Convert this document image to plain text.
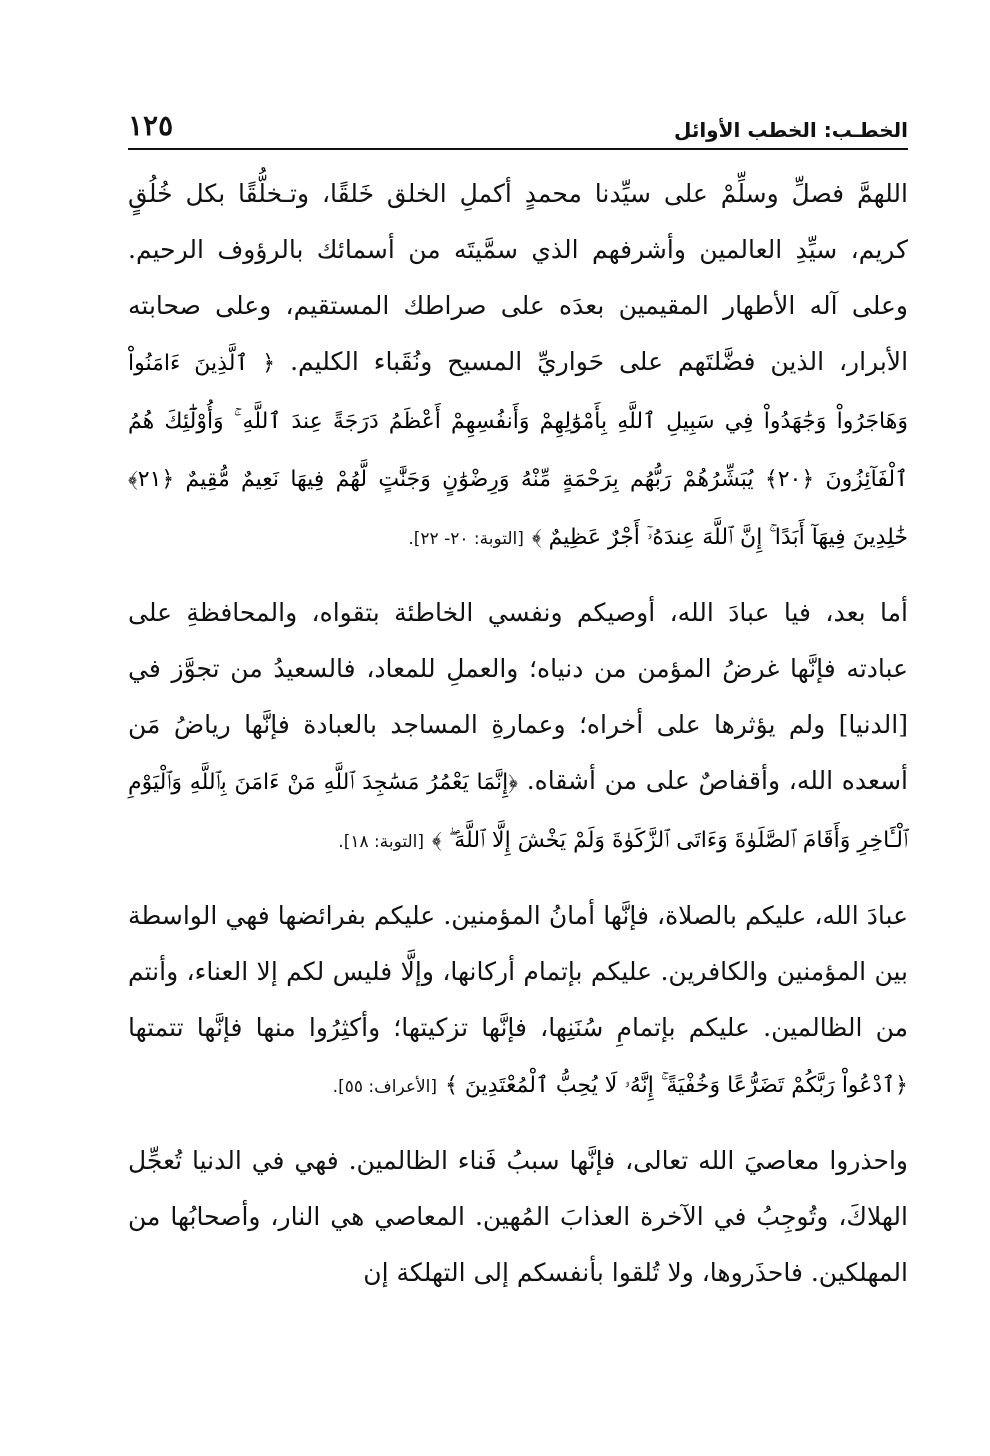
الخطـب: الخطب الأوائل
١٢٥

اللهمَّ فصلِّ وسلِّمْ على سيِّدنا محمدٍ أكملِ الخلق خَلقًا، وتـخلُّقًا بكل خُلُقٍ كريم، سيِّدِ العالمين وأشرفهم الذي سمَّيتَه من أسمائك بالرؤوف الرحيم. وعلى آله الأطهار المقيمين بعدَه على صراطك المستقيم، وعلى صحابته الأبرار، الذين فضَّلتَهم على حَواريِّ المسيح ونُقَباء الكليم. ﴿ ٱلَّذِينَ ءَامَنُواْ وَهَاجَرُواْ وَجَٰهَدُواْ فِي سَبِيلِ ٱللَّهِ بِأَمْوَٰلِهِمْ وَأَنفُسِهِمْ أَعْظَمُ دَرَجَةً عِندَ ٱللَّهِ ۚ وَأُوْلَٰٓئِكَ هُمُ ٱلْفَآئِزُونَ ﴿٢٠﴾ يُبَشِّرُهُمْ رَبُّهُم بِرَحْمَةٍ مِّنْهُ وَرِضْوَٰنٍ وَجَنَّٰتٍ لَّهُمْ فِيهَا نَعِيمٌ مُّقِيمٌ ﴿٢١﴾ خَٰلِدِينَ فِيهَآ أَبَدًا ۚ إِنَّ ٱللَّهَ عِندَهُۥٓ أَجْرٌ عَظِيمٌ ﴾ [التوبة: ٢٠- ٢٢].

أما بعد، فيا عبادَ الله، أوصيكم ونفسي الخاطئة بتقواه، والمحافظةِ على عبادته فإنَّها غرضُ المؤمن من دنياه؛ والعملِ للمعاد، فالسعيدُ من تجوَّز في [الدنيا] ولم يؤثرها على أخراه؛ وعمارةِ المساجد بالعبادة فإنَّها رياضُ مَن أسعده الله، وأقفاصٌ على من أشقاه. ﴿إِنَّمَا يَعْمُرُ مَسَٰجِدَ ٱللَّهِ مَنْ ءَامَنَ بِٱللَّهِ وَٱلْيَوْمِ ٱلْـَٔاخِرِ وَأَقَامَ ٱلصَّلَوٰةَ وَءَاتَى ٱلزَّكَوٰةَ وَلَمْ يَخْشَ إِلَّا ٱللَّهَ ۖ ﴾ [التوبة: ١٨].

عبادَ الله، عليكم بالصلاة، فإنَّها أمانُ المؤمنين. عليكم بفرائضها فهي الواسطة بين المؤمنين والكافرين. عليكم بإتمام أركانها، وإلَّا فليس لكم إلا العناء، وأنتم من الظالمين. عليكم بإتمامِ سُنَنِها، فإنَّها تزكيتها؛ وأكثِرُوا منها فإنَّها تتمتها ﴿ٱدْعُواْ رَبَّكُمْ تَضَرُّعًا وَخُفْيَةً ۚ إِنَّهُۥ لَا يُحِبُّ ٱلْمُعْتَدِينَ ﴾ [الأعراف: ٥٥].

واحذروا معاصيَ الله تعالى، فإنَّها سببُ فَناء الظالمين. فهي في الدنيا تُعجِّل الهلاكَ، وتُوجِبُ في الآخرة العذابَ المُهين. المعاصي هي النار، وأصحابُها من المهلكين. فاحذَروها، ولا تُلقوا بأنفسكم إلى التهلكة إن
